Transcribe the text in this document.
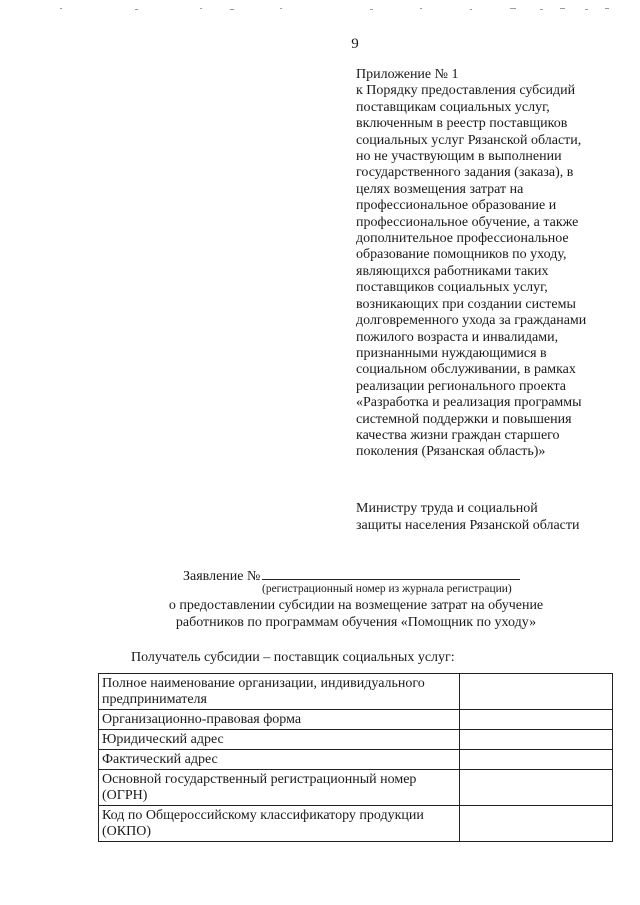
9
Приложение № 1
к Порядку предоставления субсидий
поставщикам социальных услуг,
включенным в реестр поставщиков
социальных услуг Рязанской области,
но не участвующим в выполнении
государственного задания (заказа), в
целях возмещения затрат на
профессиональное образование и
профессиональное обучение, а также
дополнительное профессиональное
образование помощников по уходу,
являющихся работниками таких
поставщиков социальных услуг,
возникающих при создании системы
долговременного ухода за гражданами
пожилого возраста и инвалидами,
признанными нуждающимися в
социальном обслуживании, в рамках
реализации регионального проекта
«Разработка и реализация программы
системной поддержки и повышения
качества жизни граждан старшего
поколения (Рязанская область)»
Министру труда и социальной
защиты населения Рязанской области
Заявление №
(регистрационный номер из журнала регистрации)
о предоставлении субсидии на возмещение затрат на обучение
работников по программам обучения «Помощник по уходу»
Получатель субсидии – поставщик социальных услуг:
Полное наименование организации, индивидуального предпринимателя	
Организационно-правовая форма	
Юридический адрес	
Фактический адрес	
Основной государственный регистрационный номер (ОГРН)	
Код по Общероссийскому классификатору продукции (ОКПО)	
